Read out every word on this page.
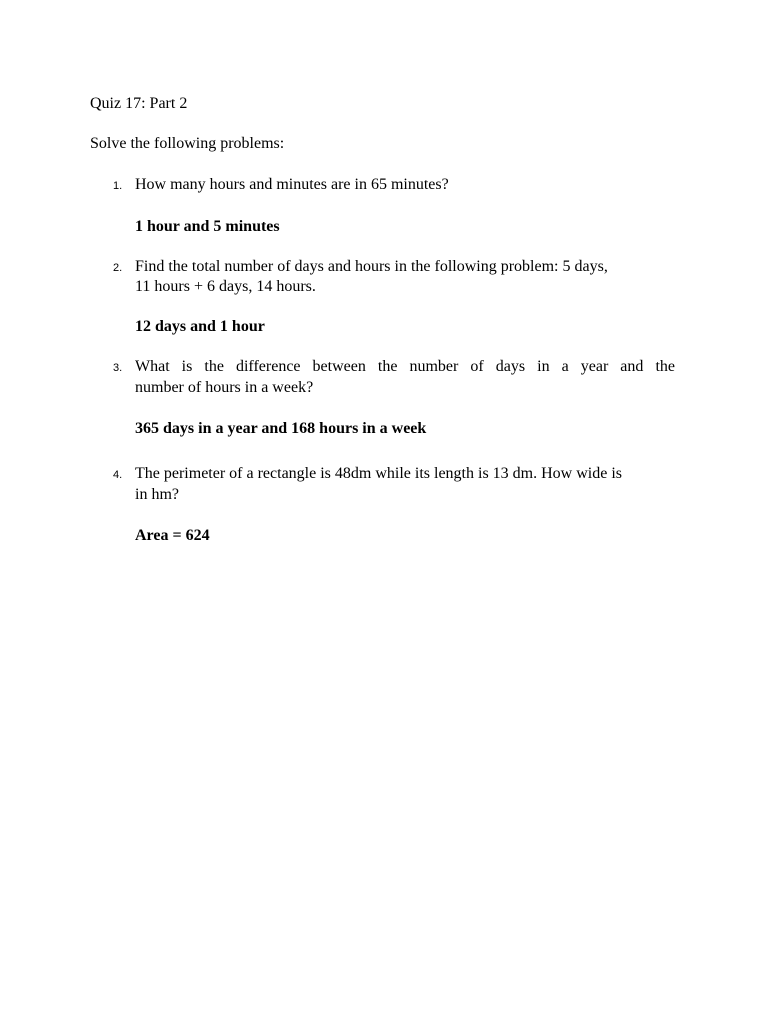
Quiz 17: Part 2
Solve the following problems:
1. How many hours and minutes are in 65 minutes?
1 hour and 5 minutes
2. Find the total number of days and hours in the following problem: 5 days,
11 hours + 6 days, 14 hours.
12 days and 1 hour
3. What is the difference between the number of days in a year and the
number of hours in a week?
365 days in a year and 168 hours in a week
4. The perimeter of a rectangle is 48dm while its length is 13 dm. How wide is
in hm?
Area = 624
